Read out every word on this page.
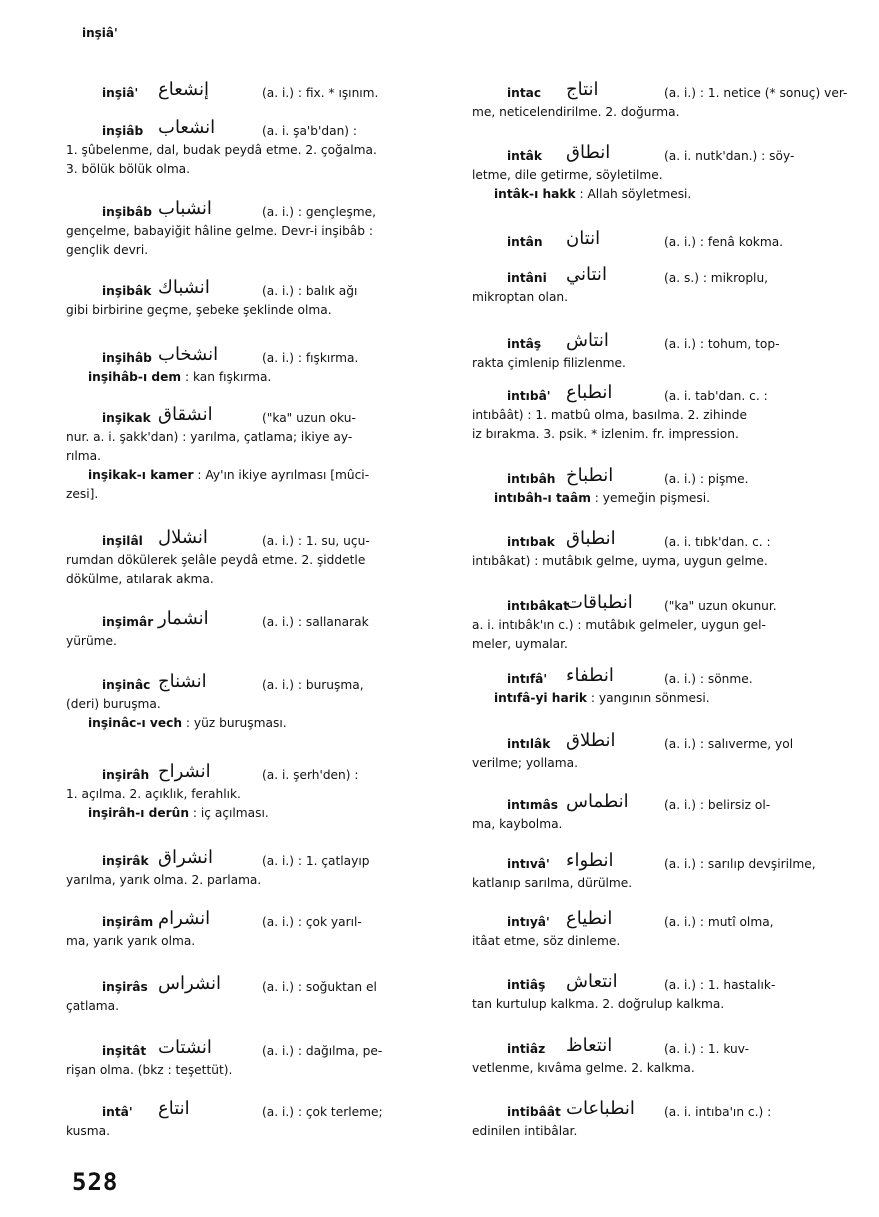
inşiâ'
inşiâ' إنشعاع	(a. i.) : fix. * ışınım.
inşiâb انشعاب	(a. i. şa'b'dan) :
1. şûbelenme, dal, budak peydâ etme. 2. çoğalma.
3. bölük bölük olma.
inşibâb انشباب	(a. i.) : gençleşme,
gençelme, babayiğit hâline gelme. Devr-i inşibâb :
gençlik devri.
inşibâk انشباك	(a. i.) : balık ağı
gibi birbirine geçme, şebeke şeklinde olma.
inşihâb انشخاب	(a. i.) : fışkırma.
inşihâb-ı dem : kan fışkırma.
inşikak انشقاق	("ka" uzun oku-
nur. a. i. şakk'dan) : yarılma, çatlama; ikiye ay-
rılma.
inşikak-ı kamer : Ay'ın ikiye ayrılması [mûci-
zesi].
inşilâl انشلال	(a. i.) : 1. su, uçu-
rumdan dökülerek şelâle peydâ etme. 2. şiddetle
dökülme, atılarak akma.
inşimâr انشمار	(a. i.) : sallanarak
yürüme.
inşinâc انشناج	(a. i.) : buruşma,
(deri) buruşma.
inşinâc-ı vech : yüz buruşması.
inşirâh انشراح	(a. i. şerh'den) :
1. açılma. 2. açıklık, ferahlık.
inşirâh-ı derûn : iç açılması.
inşirâk انشراق	(a. i.) : 1. çatlayıp
yarılma, yarık olma. 2. parlama.
inşirâm انشرام	(a. i.) : çok yarıl-
ma, yarık yarık olma.
inşirâs انشراس	(a. i.) : soğuktan el
çatlama.
inşitât انشتات	(a. i.) : dağılma, pe-
rişan olma. (bkz : teşettüt).
intâ' انتاع	(a. i.) : çok terleme;
kusma.
intac انتاج	(a. i.) : 1. netice (* sonuç) ver-
me, neticelendirilme. 2. doğurma.
intâk انطاق	(a. i. nutk'dan.) : söy-
letme, dile getirme, söyletilme.
intâk-ı hakk : Allah söyletmesi.
intân انتان	(a. i.) : fenâ kokma.
intâni انتاني	(a. s.) : mikroplu,
mikroptan olan.
intâş انتاش	(a. i.) : tohum, top-
rakta çimlenip filizlenme.
intıbâ' انطباع	(a. i. tab'dan. c. :
intıbâât) : 1. matbû olma, basılma. 2. zihinde
iz bırakma. 3. psik. * izlenim. fr. impression.
intıbâh انطباخ	(a. i.) : pişme.
intıbâh-ı taâm : yemeğin pişmesi.
intıbak انطباق	(a. i. tıbk'dan. c. :
intıbâkat) : mutâbık gelme, uyma, uygun gelme.
intıbâkat
انطباقات	("ka" uzun okunur.
a. i. intıbâk'ın c.) : mutâbık gelmeler, uygun gel-
meler, uymalar.
intıfâ' انطفاء	(a. i.) : sönme.
intıfâ-yi harik : yangının sönmesi.
intılâk انطلاق	(a. i.) : salıverme, yol
verilme; yollama.
intımâs انطماس	(a. i.) : belirsiz ol-
ma, kaybolma.
intıvâ' انطواء	(a. i.) : sarılıp devşirilme,
katlanıp sarılma, dürülme.
intıyâ' انطياع	(a. i.) : mutî olma,
itâat etme, söz dinleme.
intiâş انتعاش	(a. i.) : 1. hastalık-
tan kurtulup kalkma. 2. doğrulup kalkma.
intiâz انتعاظ	(a. i.) : 1. kuv-
vetlenme, kıvâma gelme. 2. kalkma.
intibâât انطباعات (a. i. intıba'ın c.) :
edinilen intibâlar.
528
